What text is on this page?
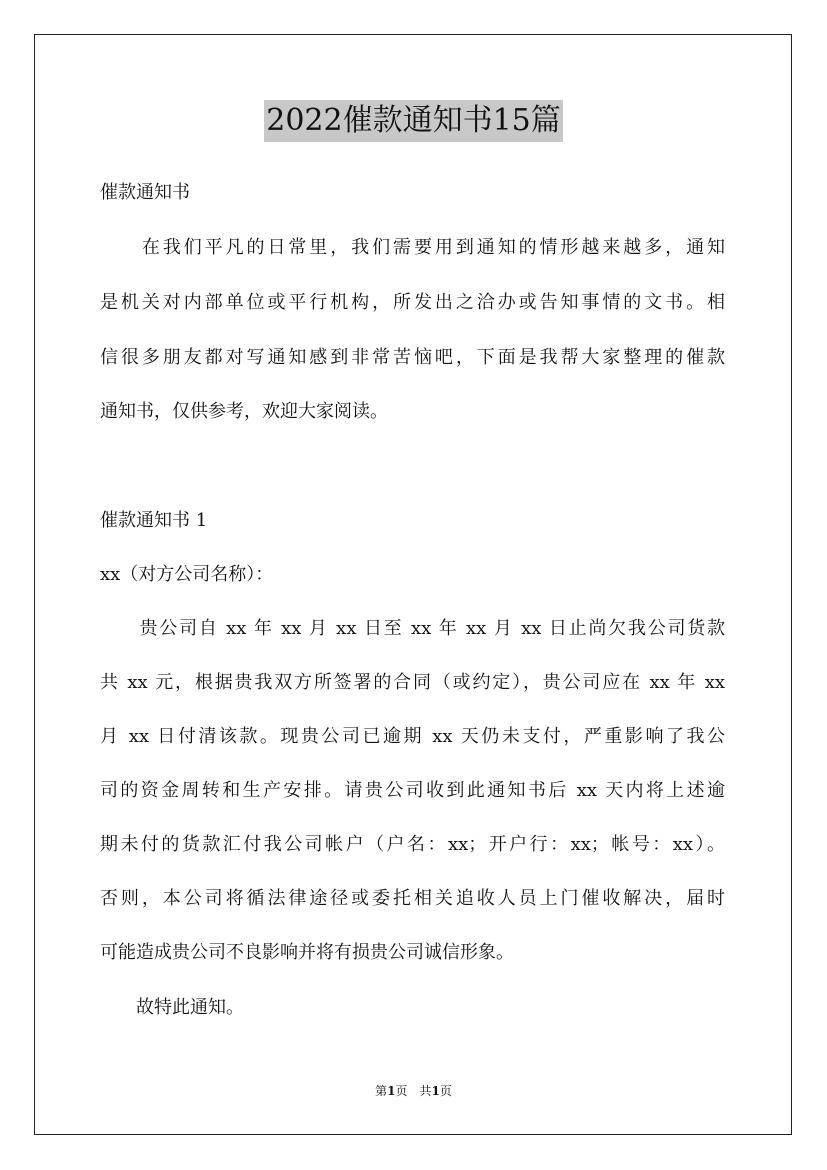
2022催款通知书15篇
催款通知书
　　在我们平凡的日常里，我们需要用到通知的情形越来越多，通知
是机关对内部单位或平行机构，所发出之洽办或告知事情的文书。相
信很多朋友都对写通知感到非常苦恼吧，下面是我帮大家整理的催款
通知书，仅供参考，欢迎大家阅读。
催款通知书 1
xx（对方公司名称）：
　　贵公司自 xx 年 xx 月 xx 日至 xx 年 xx 月 xx 日止尚欠我公司货款
共 xx 元，根据贵我双方所签署的合同（或约定），贵公司应在 xx 年 xx
月 xx 日付清该款。现贵公司已逾期 xx 天仍未支付，严重影响了我公
司的资金周转和生产安排。请贵公司收到此通知书后 xx 天内将上述逾
期未付的货款汇付我公司帐户（户名：xx；开户行：xx；帐号：xx）。
否则，本公司将循法律途径或委托相关追收人员上门催收解决，届时
可能造成贵公司不良影响并将有损贵公司诚信形象。
　　故特此通知。
第1页　共1页
